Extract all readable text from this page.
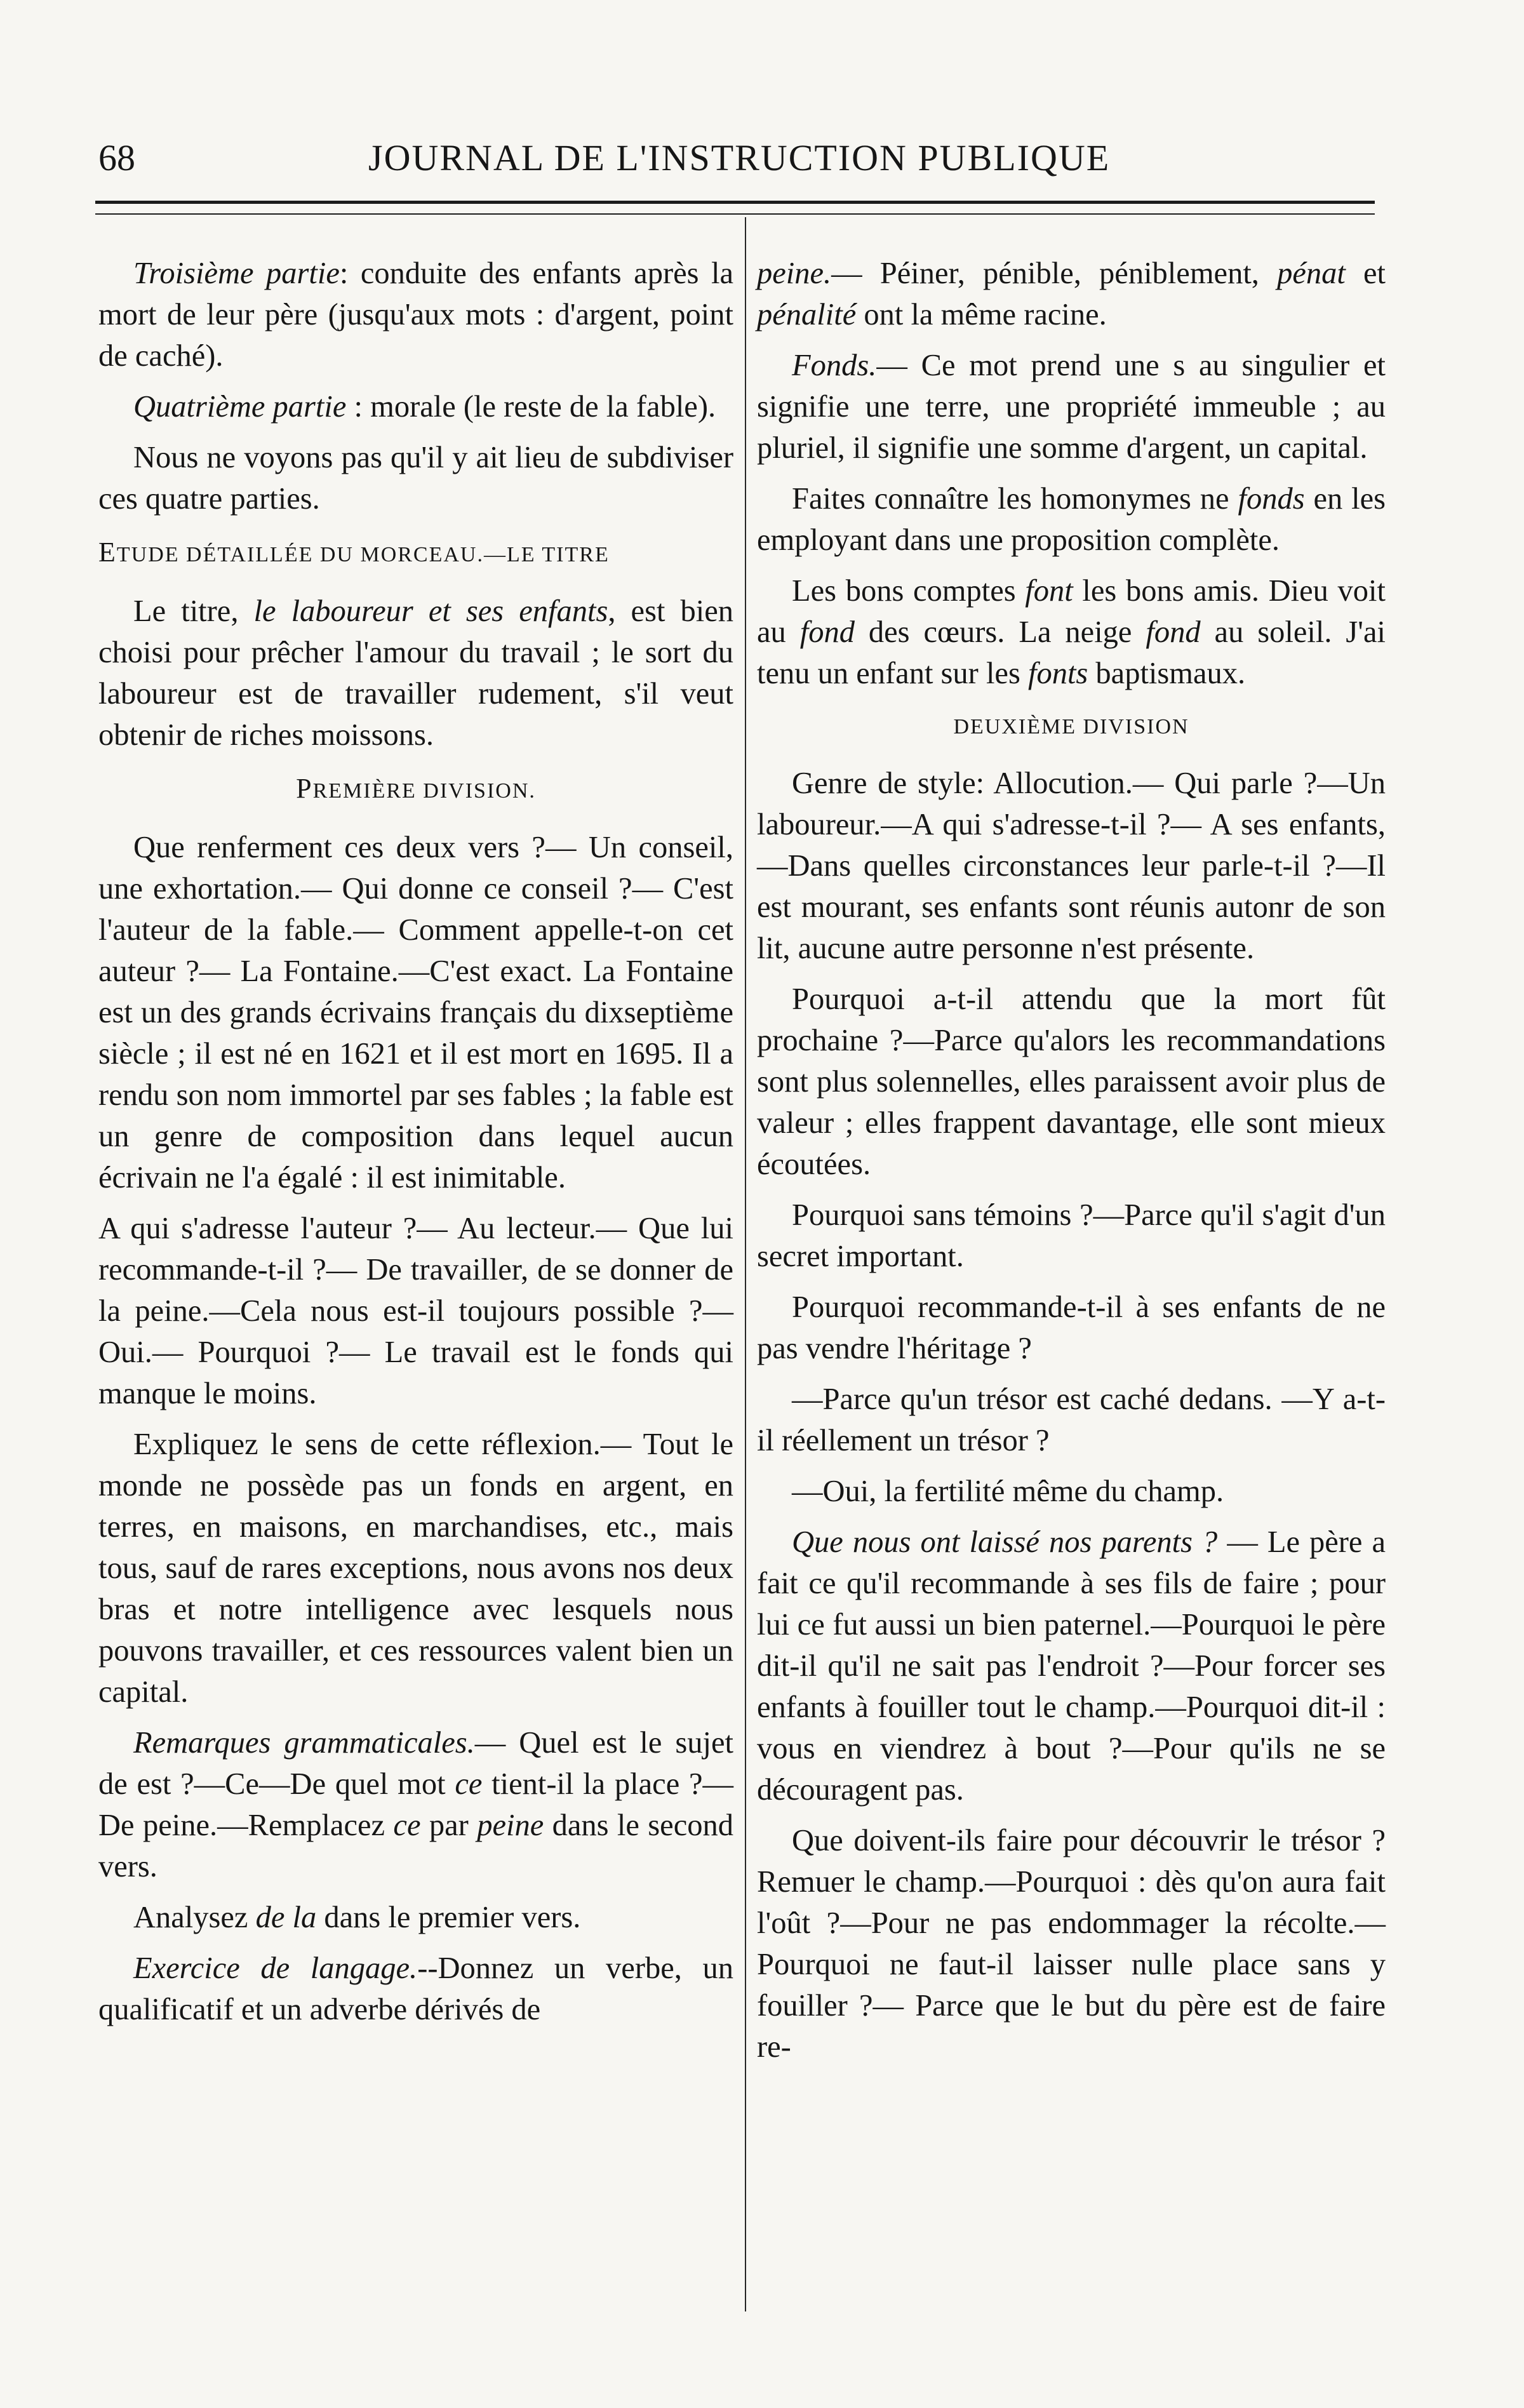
68	JOURNAL DE L'INSTRUCTION PUBLIQUE

Troisième partie: conduite des enfants après la mort de leur père (jusqu'aux mots : d'argent, point de caché).

Quatrième partie : morale (le reste de la fable).

Nous ne voyons pas qu'il y ait lieu de subdiviser ces quatre parties.

ETUDE DÉTAILLÉE DU MORCEAU.—LE TITRE

Le titre, le laboureur et ses enfants, est bien choisi pour prêcher l'amour du travail ; le sort du laboureur est de travailler rudement, s'il veut obtenir de riches moissons.

PREMIÈRE DIVISION.

Que renferment ces deux vers ?— Un conseil, une exhortation.— Qui donne ce conseil ?— C'est l'auteur de la fable.— Comment appelle-t-on cet auteur ?— La Fontaine.—C'est exact. La Fontaine est un des grands écrivains français du dixseptième siècle ; il est né en 1621 et il est mort en 1695. Il a rendu son nom immortel par ses fables ; la fable est un genre de composition dans lequel aucun écrivain ne l'a égalé : il est inimitable.

A qui s'adresse l'auteur ?— Au lecteur.— Que lui recommande-t-il ?— De travailler, de se donner de la peine.—Cela nous est-il toujours possible ?—Oui.— Pourquoi ?— Le travail est le fonds qui manque le moins.

Expliquez le sens de cette réflexion.— Tout le monde ne possède pas un fonds en argent, en terres, en maisons, en marchandises, etc., mais tous, sauf de rares exceptions, nous avons nos deux bras et notre intelligence avec lesquels nous pouvons travailler, et ces ressources valent bien un capital.

Remarques grammaticales.— Quel est le sujet de est ?—Ce—De quel mot ce tient-il la place ?—De peine.—Remplacez ce par peine dans le second vers.

Analysez de la dans le premier vers.

Exercice de langage.--Donnez un verbe, un qualificatif et un adverbe dérivés de

peine.— Péiner, pénible, péniblement, pénat et pénalité ont la même racine.

Fonds.— Ce mot prend une s au singulier et signifie une terre, une propriété immeuble ; au pluriel, il signifie une somme d'argent, un capital.

Faites connaître les homonymes ne fonds en les employant dans une proposition complète.

Les bons comptes font les bons amis. Dieu voit au fond des cœurs. La neige fond au soleil. J'ai tenu un enfant sur les fonts baptismaux.

DEUXIÈME DIVISION

Genre de style: Allocution.— Qui parle ?—Un laboureur.—A qui s'adresse-t-il ?— A ses enfants,—Dans quelles circonstances leur parle-t-il ?—Il est mourant, ses enfants sont réunis autonr de son lit, aucune autre personne n'est présente.

Pourquoi a-t-il attendu que la mort fût prochaine ?—Parce qu'alors les recommandations sont plus solennelles, elles paraissent avoir plus de valeur ; elles frappent davantage, elle sont mieux écoutées.

Pourquoi sans témoins ?—Parce qu'il s'agit d'un secret important.

Pourquoi recommande-t-il à ses enfants de ne pas vendre l'héritage ?

—Parce qu'un trésor est caché dedans. —Y a-t-il réellement un trésor ?

—Oui, la fertilité même du champ.

Que nous ont laissé nos parents ? — Le père a fait ce qu'il recommande à ses fils de faire ; pour lui ce fut aussi un bien paternel.—Pourquoi le père dit-il qu'il ne sait pas l'endroit ?—Pour forcer ses enfants à fouiller tout le champ.—Pourquoi dit-il : vous en viendrez à bout ?—Pour qu'ils ne se découragent pas.

Que doivent-ils faire pour découvrir le trésor ? Remuer le champ.—Pourquoi : dès qu'on aura fait l'oût ?—Pour ne pas endommager la récolte.—Pourquoi ne faut-il laisser nulle place sans y fouiller ?— Parce que le but du père est de faire re-
